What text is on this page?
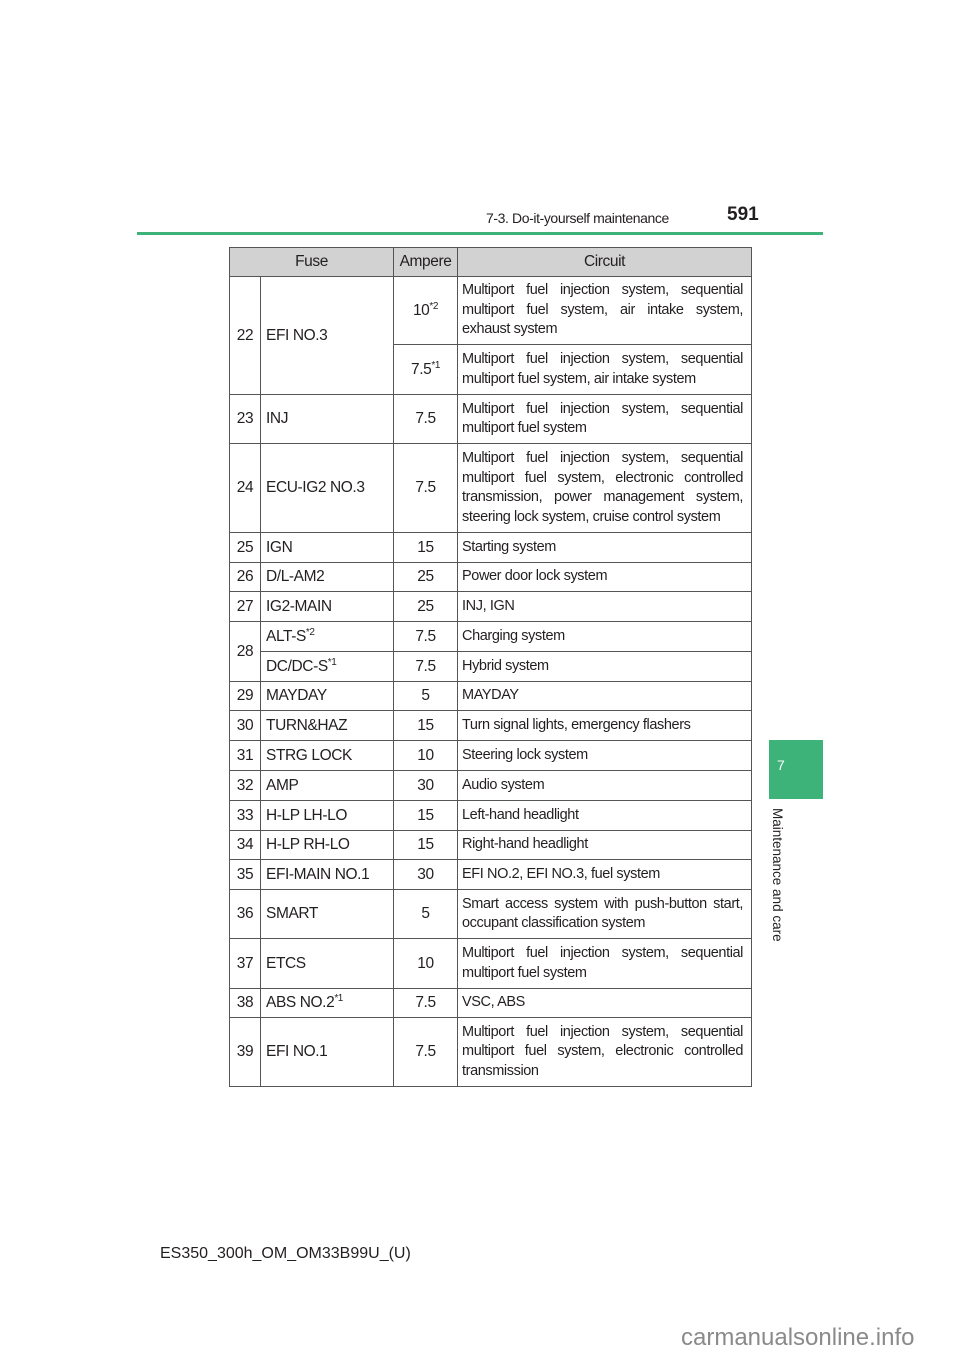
7-3. Do-it-yourself maintenance	591
7
Maintenance and care
Fuse		Ampere	Circuit
22	EFI NO.3	10$^{*2}$	Multiport fuel injection system, sequential multiport fuel system, air intake system, exhaust system
		7.5$^{*1}$	Multiport fuel injection system, sequential multiport fuel system, air intake system
23	INJ	7.5	Multiport fuel injection system, sequential multiport fuel system
24	ECU-IG2 NO.3	7.5	Multiport fuel injection system, sequential multiport fuel system, electronic controlled transmission, power management system, steering lock system, cruise control system
25	IGN	15	Starting system
26	D/L-AM2	25	Power door lock system
27	IG2-MAIN	25	INJ, IGN
28	ALT-$S^{*2}$	7.5	Charging system
	$DC/DC-S^{*1}$	7.5	Hybrid system
29	MAYDAY	5	MAYDAY
30	TURN&HAZ	15	Turn signal lights, emergency flashers
31	STRG LOCK	10	Steering lock system
32	AMP	30	Audio system
33	H-LP LH-LO	15	Left-hand headlight
34	H-LP RH-LO	15	Right-hand headlight
35	EFI-MAIN NO.1	30	EFI NO.2, EFI NO.3, fuel system
36	SMART	5	Smart access system with push-button start, occupant classification system
37	ETCS	10	Multiport fuel injection system, sequential multiport fuel system
38	ABS NO.2$^{*1}$	7.5	VSC, ABS
39	EFI NO.1	7.5	Multiport fuel injection system, sequential multiport fuel system, electronic controlled transmission
ES350_300h_OM_OM33B99U_(U)
carmanualsonline.info
